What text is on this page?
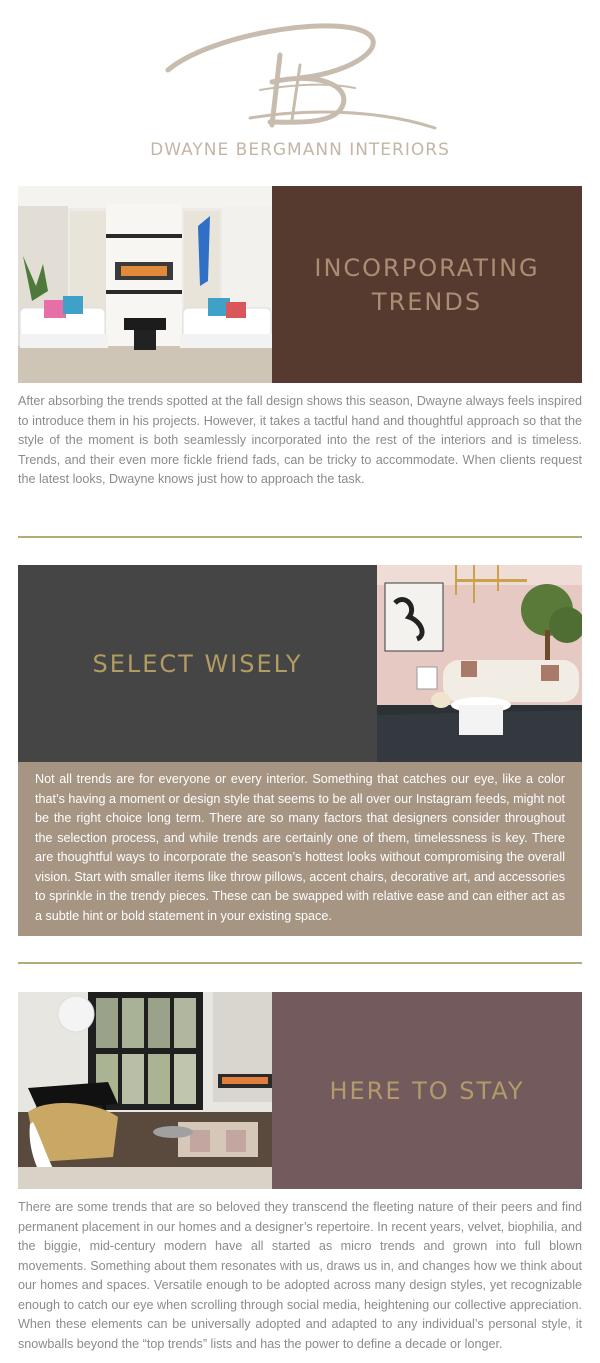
DWAYNE BERGMANN INTERIORS
INCORPORATING TRENDS
After absorbing the trends spotted at the fall design shows this season, Dwayne always feels inspired to introduce them in his projects. However, it takes a tactful hand and thoughtful approach so that the style of the moment is both seamlessly incorporated into the rest of the interiors and is timeless. Trends, and their even more fickle friend fads, can be tricky to accommodate. When clients request the latest looks, Dwayne knows just how to approach the task.
SELECT WISELY
Not all trends are for everyone or every interior. Something that catches our eye, like a color that’s having a moment or design style that seems to be all over our Instagram feeds, might not be the right choice long term. There are so many factors that designers consider throughout the selection process, and while trends are certainly one of them, timelessness is key. There are thoughtful ways to incorporate the season’s hottest looks without compromising the overall vision. Start with smaller items like throw pillows, accent chairs, decorative art, and accessories to sprinkle in the trendy pieces. These can be swapped with relative ease and can either act as a subtle hint or bold statement in your existing space.
HERE TO STAY
There are some trends that are so beloved they transcend the fleeting nature of their peers and find permanent placement in our homes and a designer’s repertoire. In recent years, velvet, biophilia, and the biggie, mid-century modern have all started as micro trends and grown into full blown movements. Something about them resonates with us, draws us in, and changes how we think about our homes and spaces. Versatile enough to be adopted across many design styles, yet recognizable enough to catch our eye when scrolling through social media, heightening our collective appreciation. When these elements can be universally adopted and adapted to any individual’s personal style, it snowballs beyond the “top trends” lists and has the power to define a decade or longer.
